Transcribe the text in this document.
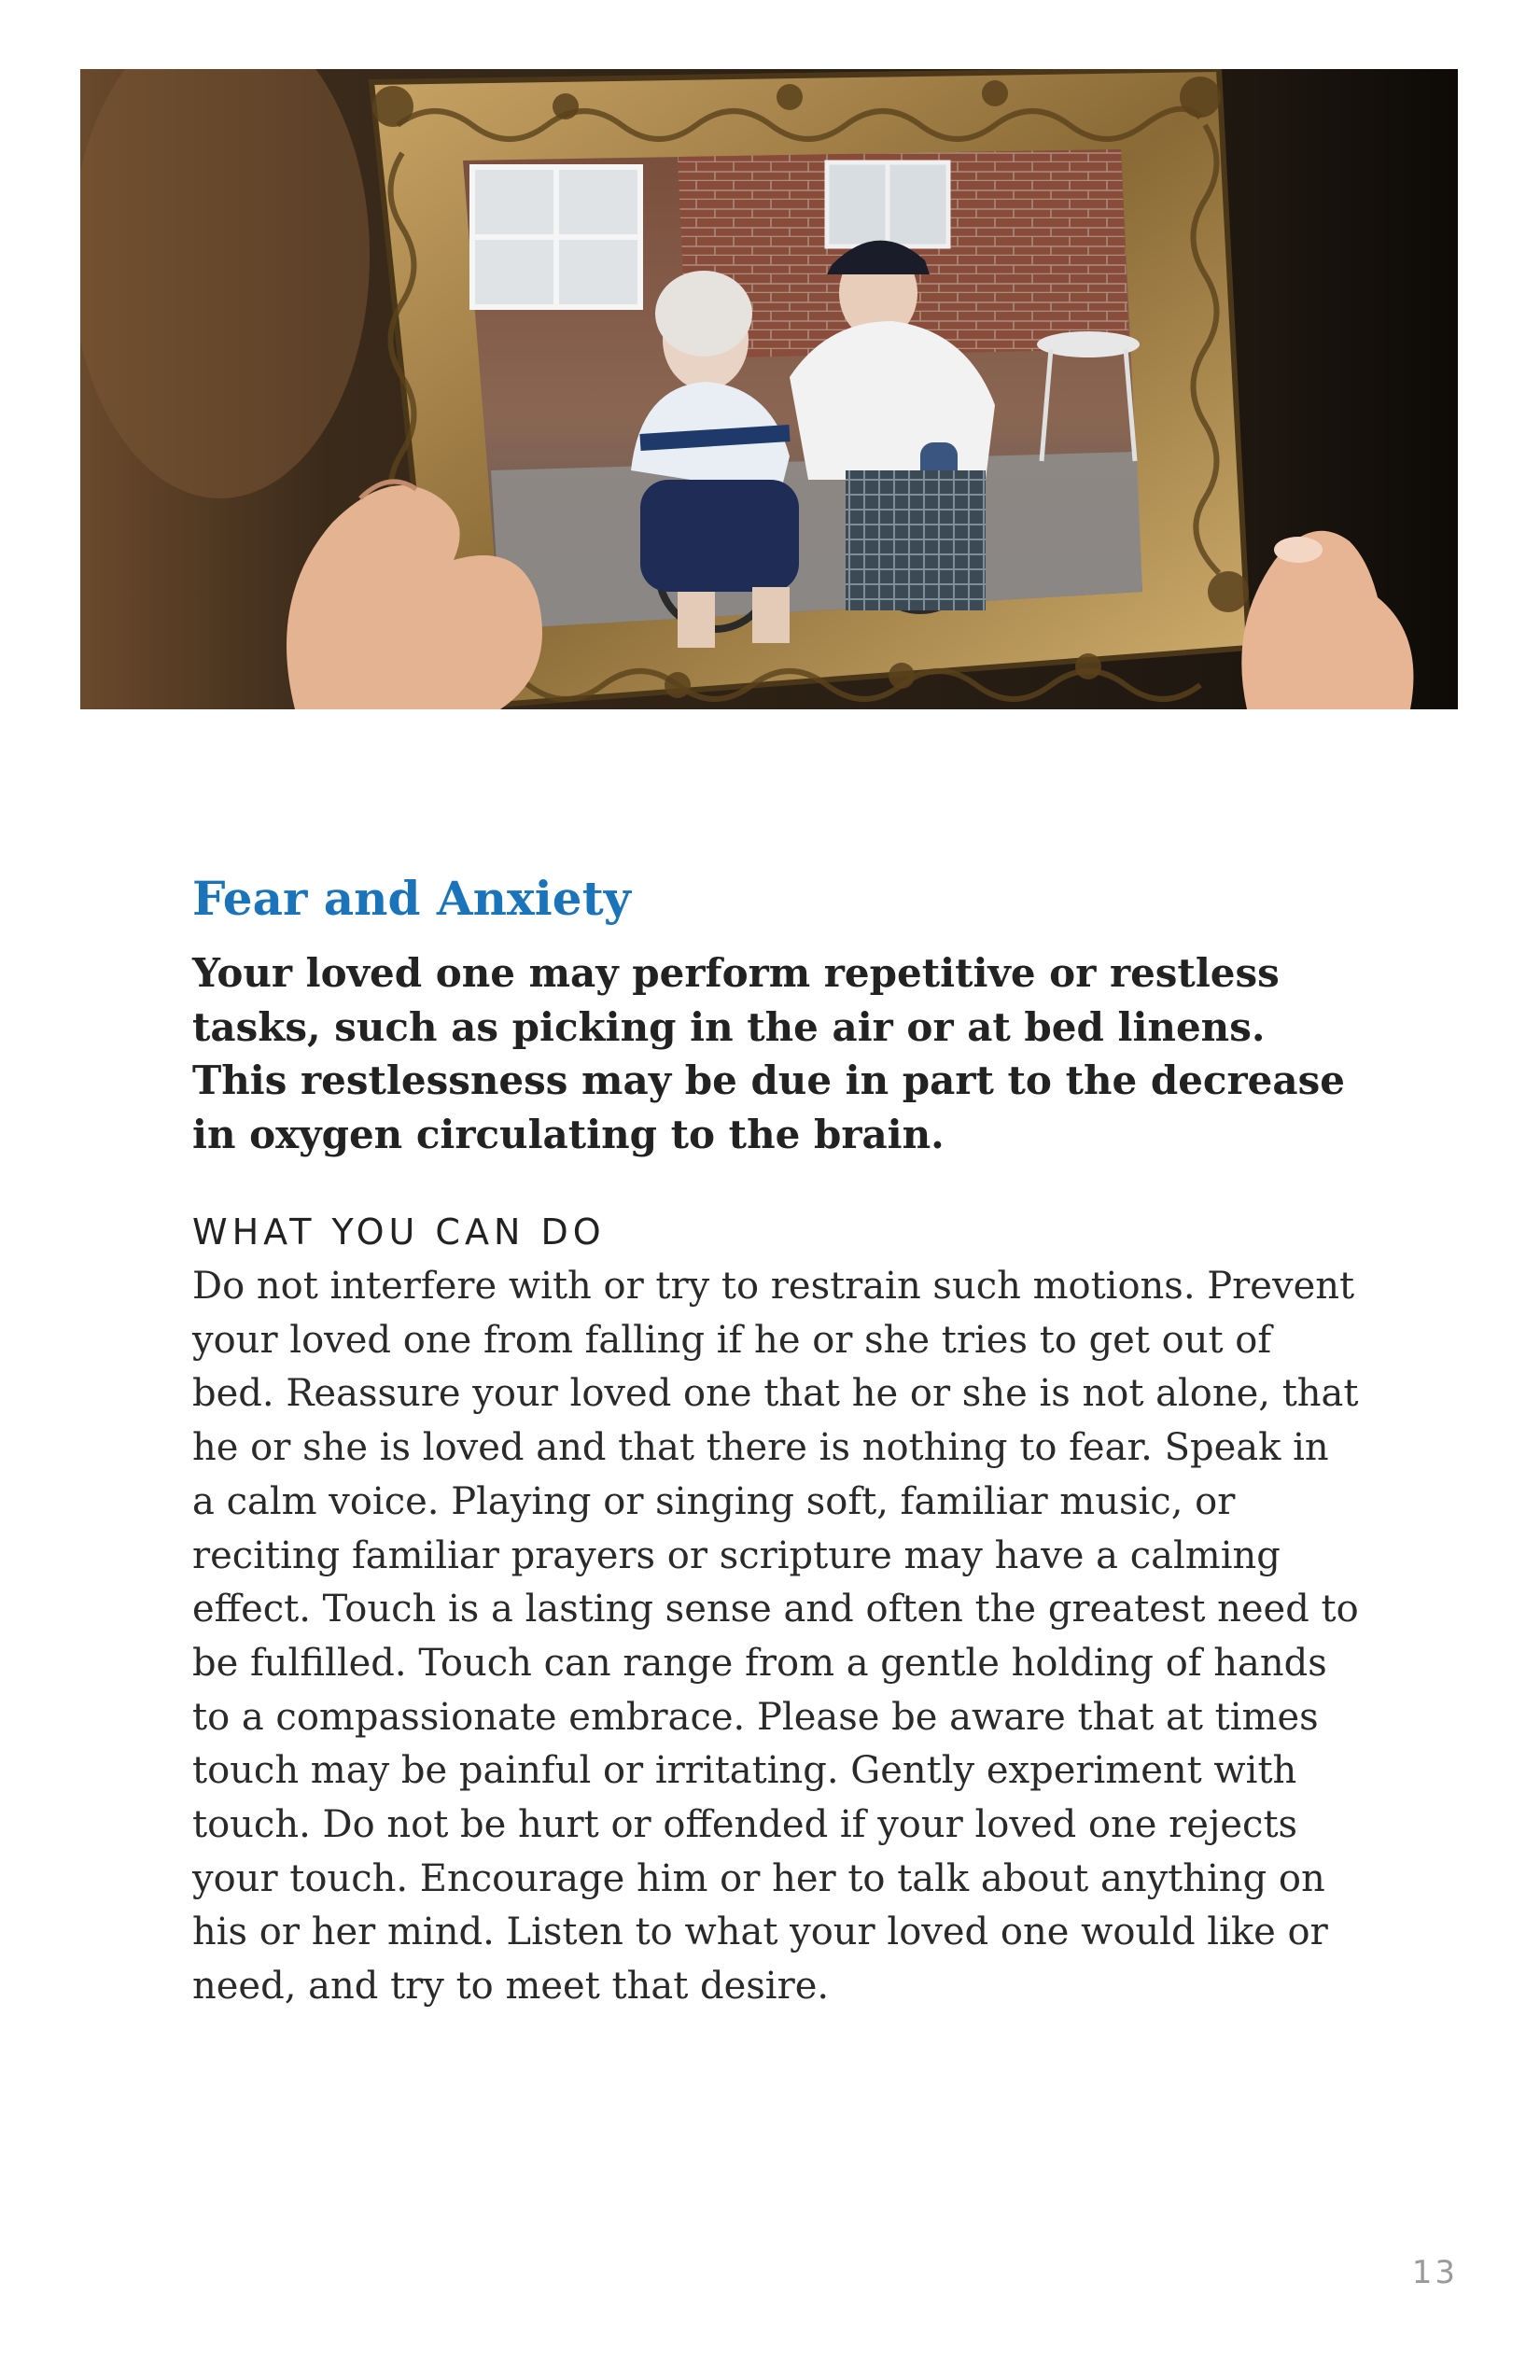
Fear and Anxiety

Your loved one may perform repetitive or restless tasks, such as picking in the air or at bed linens. This restlessness may be due in part to the decrease in oxygen circulating to the brain.

WHAT YOU CAN DO

Do not interfere with or try to restrain such motions. Prevent your loved one from falling if he or she tries to get out of bed. Reassure your loved one that he or she is not alone, that he or she is loved and that there is nothing to fear. Speak in a calm voice. Playing or singing soft, familiar music, or reciting familiar prayers or scripture may have a calming effect. Touch is a lasting sense and often the greatest need to be fulfilled. Touch can range from a gentle holding of hands to a compassionate embrace. Please be aware that at times touch may be painful or irritating. Gently experiment with touch. Do not be hurt or offended if your loved one rejects your touch. Encourage him or her to talk about anything on his or her mind. Listen to what your loved one would like or need, and try to meet that desire.

13
